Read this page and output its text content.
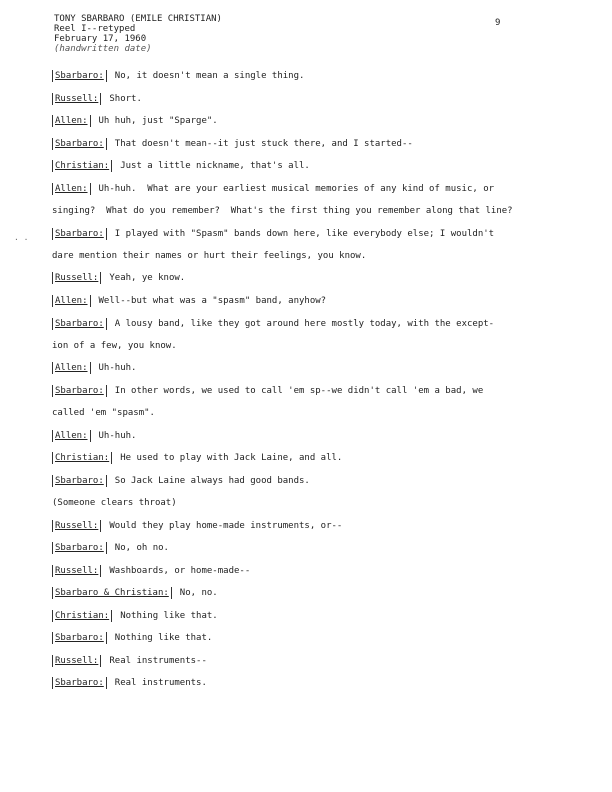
TONY SBARBARO (EMILE CHRISTIAN)
Reel I--retyped
February 17, 1960
(handwritten date)
9
. .
Sbarbaro: No, it doesn't mean a single thing.
Russell: Short.
Allen: Uh huh, just "Sparge".
Sbarbaro: That doesn't mean--it just stuck there, and I started--
Christian: Just a little nickname, that's all.
Allen: Uh-huh.  What are your earliest musical memories of any kind of music, or
singing?  What do you remember?  What's the first thing you remember along that line?
Sbarbaro: I played with "Spasm" bands down here, like everybody else; I wouldn't
dare mention their names or hurt their feelings, you know.
Russell: Yeah, ye know.
Allen: Well--but what was a "spasm" band, anyhow?
Sbarbaro: A lousy band, like they got around here mostly today, with the except-
ion of a few, you know.
Allen: Uh-huh.
Sbarbaro: In other words, we used to call 'em sp--we didn't call 'em a bad, we
called 'em "spasm".
Allen: Uh-huh.
Christian: He used to play with Jack Laine, and all.
Sbarbaro: So Jack Laine always had good bands.
(Someone clears throat)
Russell: Would they play home-made instruments, or--
Sbarbaro: No, oh no.
Russell: Washboards, or home-made--
Sbarbaro & Christian: No, no.
Christian: Nothing like that.
Sbarbaro: Nothing like that.
Russell: Real instruments--
Sbarbaro: Real instruments.
